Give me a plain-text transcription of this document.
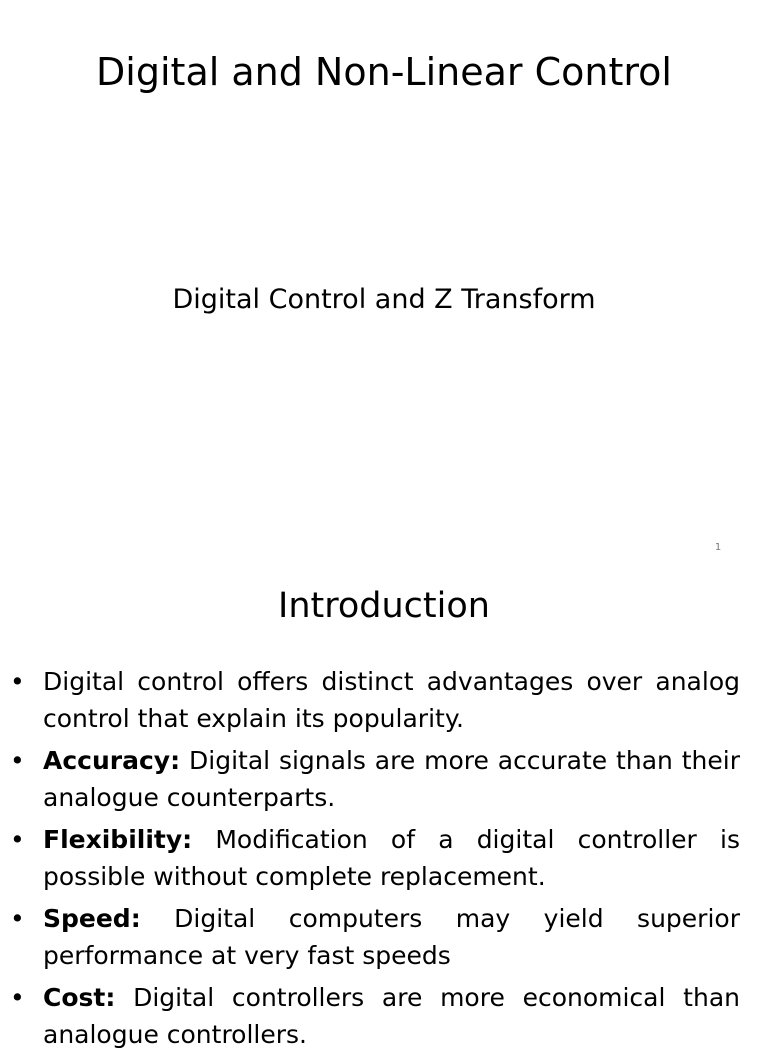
Digital and Non-Linear Control
Digital Control and Z Transform
1
Introduction
• Digital control offers distinct advantages over analog control that explain its popularity.
• Accuracy: Digital signals are more accurate than their analogue counterparts.
• Flexibility: Modification of a digital controller is possible without complete replacement.
• Speed: Digital computers may yield superior performance at very fast speeds
• Cost: Digital controllers are more economical than analogue controllers.
